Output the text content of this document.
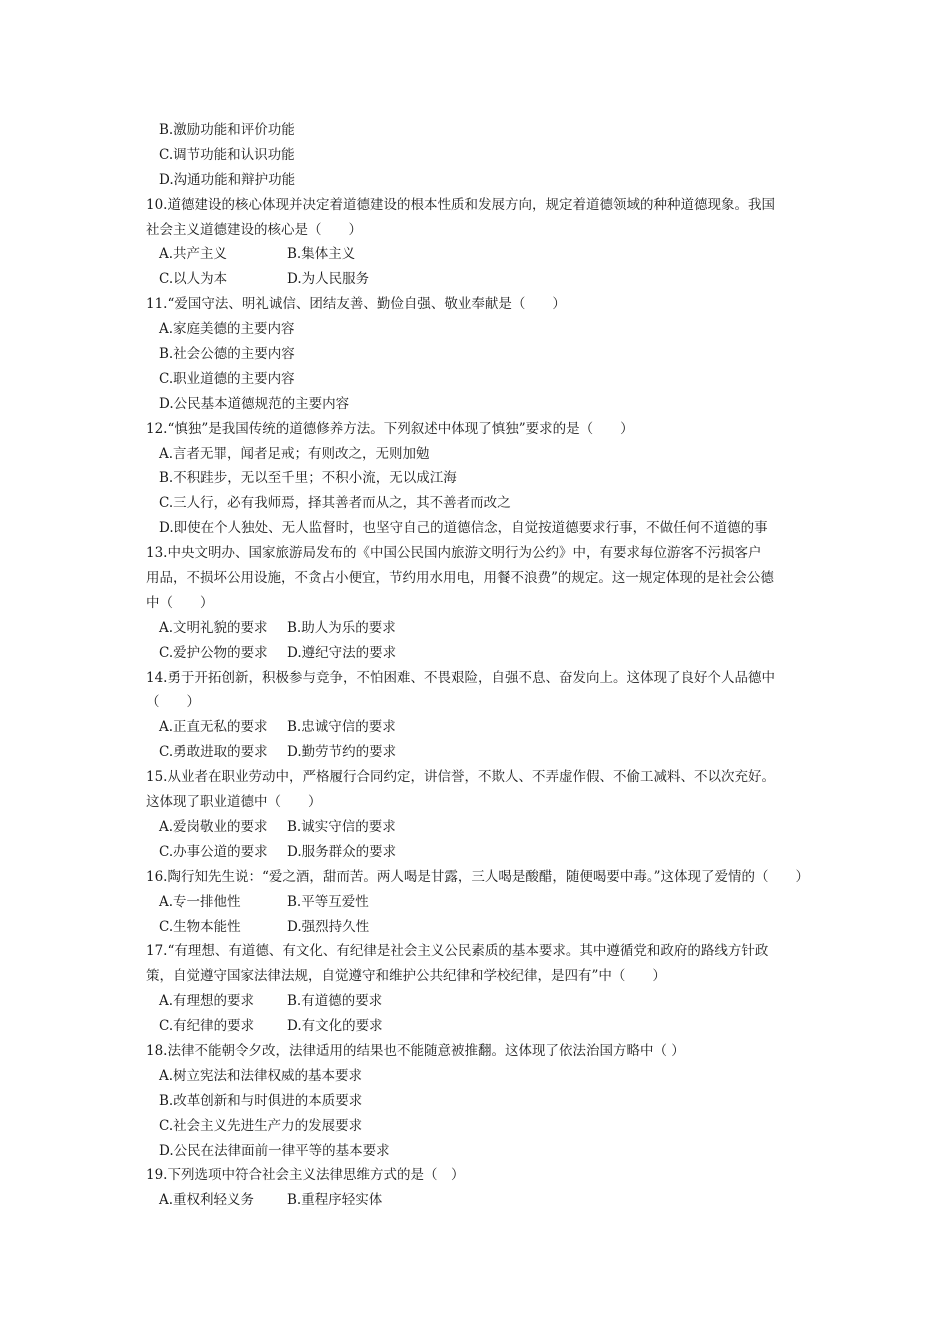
B.激励功能和评价功能
C.调节功能和认识功能
D.沟通功能和辩护功能
10.道德建设的核心体现并决定着道德建设的根本性质和发展方向，规定着道德领域的种种道德现象。我国
社会主义道德建设的核心是（　　）
A.共产主义	B.集体主义
C.以人为本	D.为人民服务
11.“爱国守法、明礼诚信、团结友善、勤俭自强、敬业奉献是（　　）
A.家庭美德的主要内容
B.社会公德的主要内容
C.职业道德的主要内容
D.公民基本道德规范的主要内容
12.“慎独”是我国传统的道德修养方法。下列叙述中体现了慎独”要求的是（　　）
A.言者无罪，闻者足戒；有则改之，无则加勉
B.不积跬步，无以至千里；不积小流，无以成江海
C.三人行，必有我师焉，择其善者而从之，其不善者而改之
D.即使在个人独处、无人监督时，也坚守自己的道德信念，自觉按道德要求行事，不做任何不道德的事
13.中央文明办、国家旅游局发布的《中国公民国内旅游文明行为公约》中，有要求每位游客不污损客户
用品，不损坏公用设施，不贪占小便宜，节约用水用电，用餐不浪费”的规定。这一规定体现的是社会公德
中（　　）
A.文明礼貌的要求 B.助人为乐的要求
C.爱护公物的要求 D.遵纪守法的要求
14.勇于开拓创新，积极参与竞争，不怕困难、不畏艰险，自强不息、奋发向上。这体现了良好个人品德中
（　　）
A.正直无私的要求 B.忠诚守信的要求
C.勇敢进取的要求 D.勤劳节约的要求
15.从业者在职业劳动中，严格履行合同约定，讲信誉，不欺人、不弄虚作假、不偷工减料、不以次充好。
这体现了职业道德中（　　）
A.爱岗敬业的要求 B.诚实守信的要求
C.办事公道的要求 D.服务群众的要求
16.陶行知先生说：“爱之酒，甜而苦。两人喝是甘露，三人喝是酸醋，随便喝要中毒。”这体现了爱情的（　　）
A.专一排他性	B.平等互爱性
C.生物本能性	D.强烈持久性
17.“有理想、有道德、有文化、有纪律是社会主义公民素质的基本要求。其中遵循党和政府的路线方针政
策，自觉遵守国家法律法规，自觉遵守和维护公共纪律和学校纪律，是四有”中（　　）
A.有理想的要求 B.有道德的要求
C.有纪律的要求 D.有文化的要求
18.法律不能朝令夕改，法律适用的结果也不能随意被推翻。这体现了依法治国方略中（ ）
A.树立宪法和法律权威的基本要求
B.改革创新和与时俱进的本质要求
C.社会主义先进生产力的发展要求
D.公民在法律面前一律平等的基本要求
19.下列选项中符合社会主义法律思维方式的是（　）
A.重权利轻义务 B.重程序轻实体
